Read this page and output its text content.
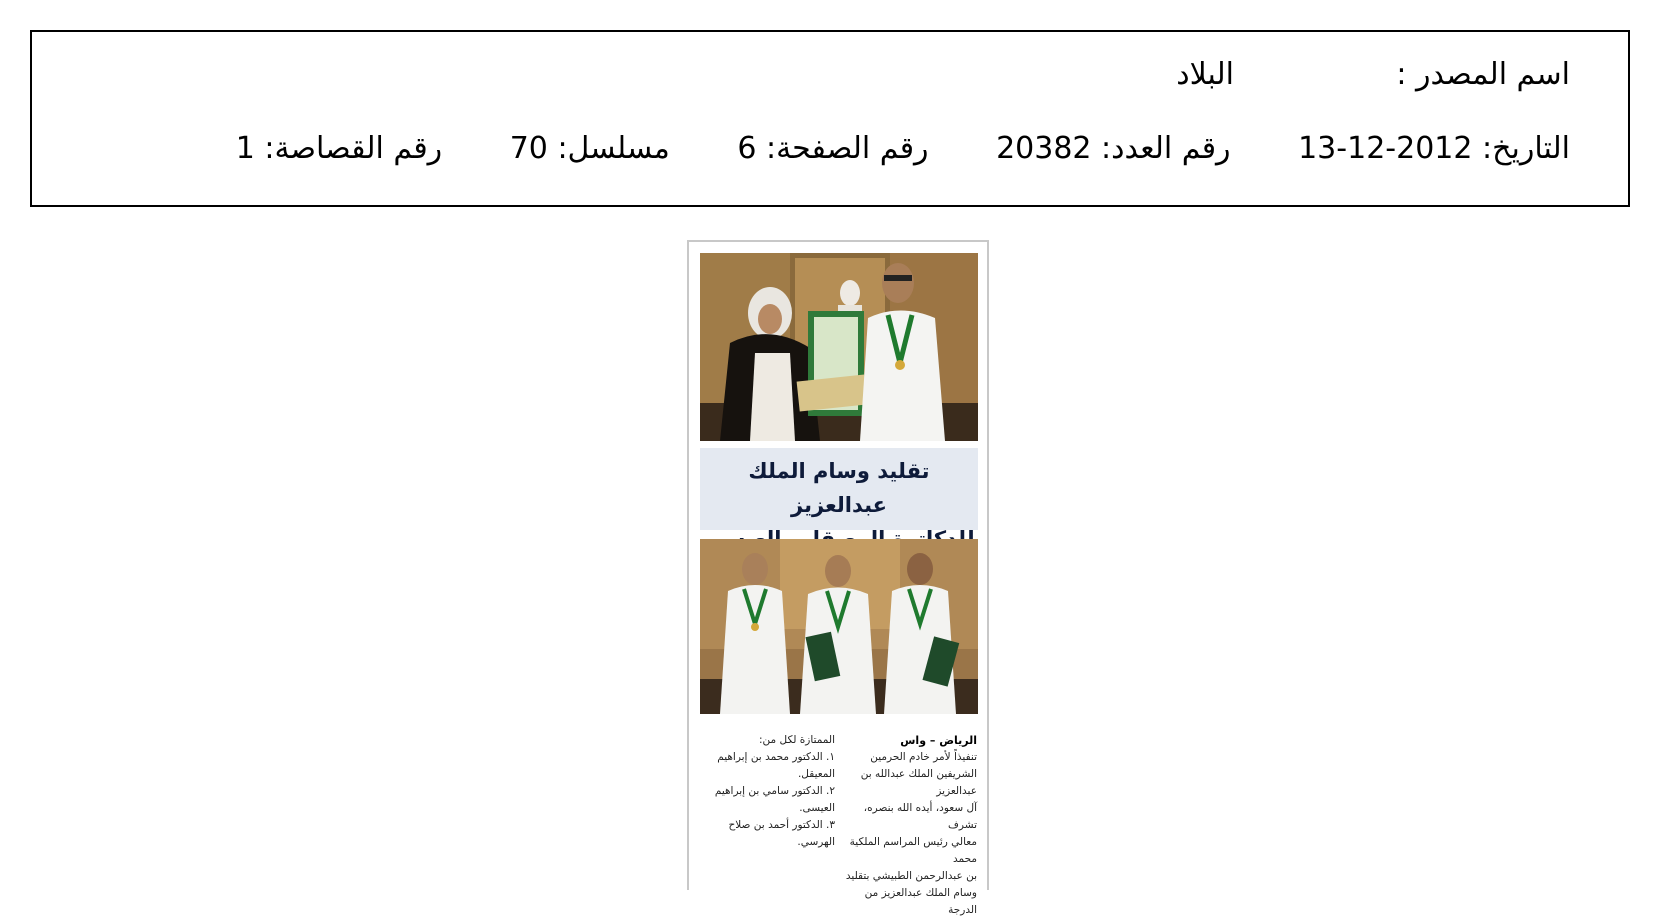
اسم المصدر :
البلاد
التاريخ: 2012-12-13 رقم العدد: 20382 رقم الصفحة: 6 مسلسل: 70 رقم القصاصة: 1
تقليد وسام الملك عبدالعزيز

الرياض – واس

تنفيذاً لأمر خادم الحرمين

الشريفين الملك عبدالله بن عبدالعزيز

آل سعود، أيده الله بنصره، تشرف

معالي رئيس المراسم الملكية محمد

بن عبدالرحمن الطبيشي بتقليد

وسام الملك عبدالعزيز من الدرجة

الممتازة لكل من:

١. الدكتور محمد بن إبراهيم

المعيقل.

٢. الدكتور سامي بن إبراهيم

العيسى.

٣. الدكتور أحمد بن صلاح

الهرسي.
